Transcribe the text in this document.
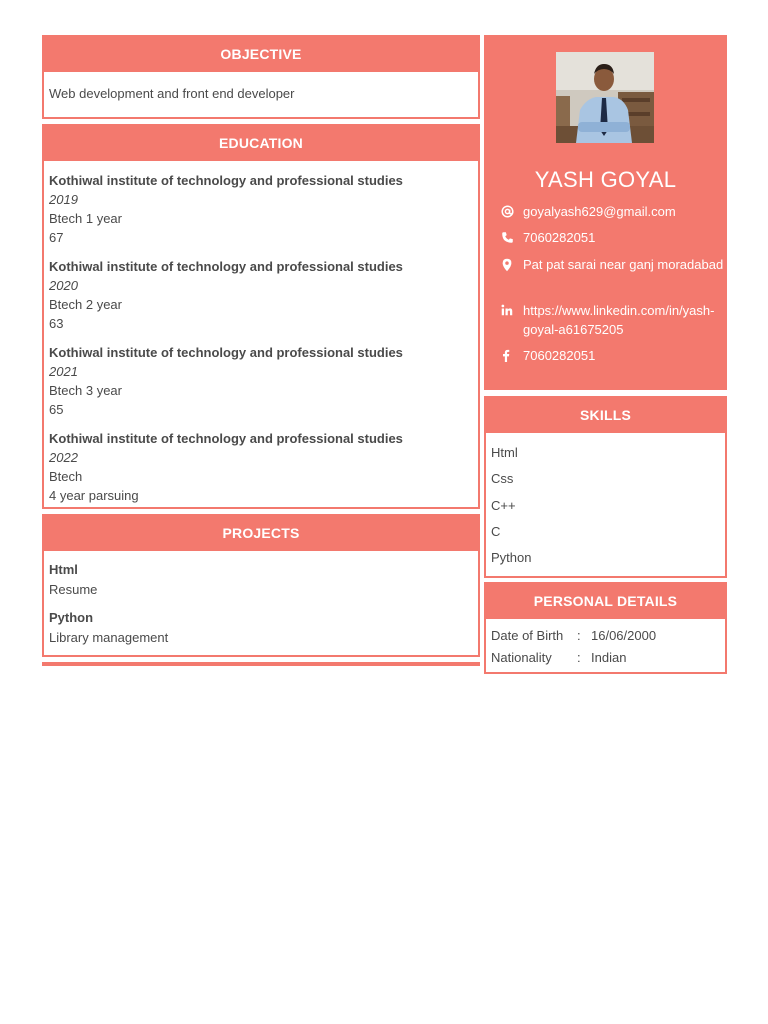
OBJECTIVE
Web development and front end developer
EDUCATION
Kothiwal institute of technology and professional studies
2019
Btech 1 year
67
Kothiwal institute of technology and professional studies
2020
Btech 2 year
63
Kothiwal institute of technology and professional studies
2021
Btech 3 year
65
Kothiwal institute of technology and professional studies
2022
Btech
4 year parsuing
PROJECTS
Html
Resume
Python
Library management
YASH GOYAL
goyalyash629@gmail.com
7060282051
Pat pat sarai near ganj moradabad
https://www.linkedin.com/in/yash-goyal-a61675205
7060282051
SKILLS
Html
Css
C++
C
Python
PERSONAL DETAILS
Date of Birth	: 16/06/2000
Nationality	: Indian
